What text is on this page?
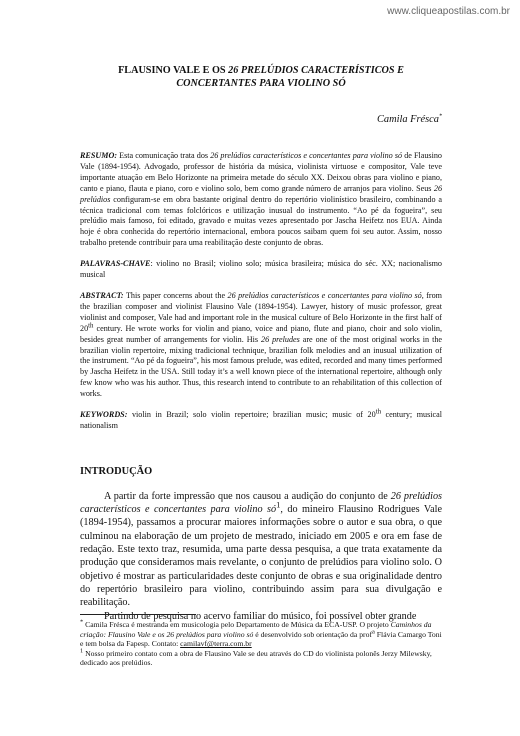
www.cliqueapostilas.com.br

FLAUSINO VALE E OS 26 PRELÚDIOS CARACTERÍSTICOS E
CONCERTANTES PARA VIOLINO SÓ

Camila Frésca*
RESUMO: Esta comunicação trata dos 26 prelúdios característicos e concertantes para violino só de Flausino Vale (1894-1954). Advogado, professor de história da música, violinista virtuose e compositor, Vale teve importante atuação em Belo Horizonte na primeira metade do século XX. Deixou obras para violino e piano, canto e piano, flauta e piano, coro e violino solo, bem como grande número de arranjos para violino. Seus 26 prelúdios configuram-se em obra bastante original dentro do repertório violinístico brasileiro, combinando a técnica tradicional com temas folclóricos e utilização inusual do instrumento. “Ao pé da fogueira”, seu prelúdio mais famoso, foi editado, gravado e muitas vezes apresentado por Jascha Heifetz nos EUA. Ainda hoje é obra conhecida do repertório internacional, embora poucos saibam quem foi seu autor. Assim, nosso trabalho pretende contribuir para uma reabilitação deste conjunto de obras.
PALAVRAS-CHAVE: violino no Brasil; violino solo; música brasileira; música do séc. XX; nacionalismo musical
ABSTRACT: This paper concerns about the 26 prelúdios característicos e concertantes para violino só, from the brazilian composer and violinist Flausino Vale (1894-1954). Lawyer, history of music professor, great violinist and composer, Vale had and important role in the musical culture of Belo Horizonte in the first half of 20th century. He wrote works for violin and piano, voice and piano, flute and piano, choir and solo violin, besides great number of arrangements for violin. His 26 preludes are one of the most original works in the brazilian violin repertoire, mixing tradicional technique, brazilian folk melodies and an inusual utilization of the instrument. “Ao pé da fogueira”, his most famous prelude, was edited, recorded and many times performed by Jascha Heifetz in the USA. Still today it’s a well known piece of the international repertoire, although only few know who was his author. Thus, this research intend to contribute to an rehabilitation of this collection of works.
KEYWORDS: violin in Brazil; solo violin repertoire; brazilian music; music of 20th century; musical nationalism
INTRODUÇÃO

A partir da forte impressão que nos causou a audição do conjunto de 26 prelúdios característicos e concertantes para violino $só^1$, do mineiro Flausino Rodrigues Vale (1894-1954), passamos a procurar maiores informações sobre o autor e sua obra, o que culminou na elaboração de um projeto de mestrado, iniciado em 2005 e ora em fase de redação. Este texto traz, resumida, uma parte dessa pesquisa, a que trata exatamente da produção que consideramos mais revelante, o conjunto de prelúdios para violino solo. O objetivo é mostrar as particularidades deste conjunto de obras e sua originalidade dentro do repertório brasileiro para violino, contribuindo assim para sua divulgação e reabilitação.

Partindo de pesquisa no acervo familiar do músico, foi possível obter grande

* Camila Frésca é mestranda em musicologia pelo Departamento de Música da ECA-USP. O projeto Caminhos da criação: Flausino Vale e os 26 prelúdios para violino só é desenvolvido sob orientação da prof$^a$ Flávia Camargo Toni e tem bolsa da Fapesp. Contato: camilavf@terra.com.br

$^1$ Nosso primeiro contato com a obra de Flausino Vale se deu através do CD do violinista polonês Jerzy Milewsky, dedicado aos prelúdios.
